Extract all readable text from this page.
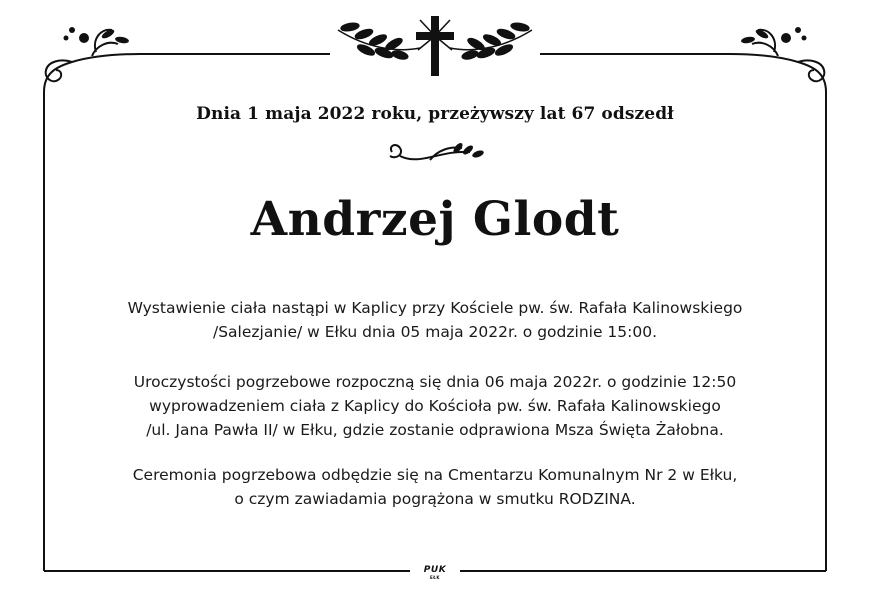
Dnia 1 maja 2022 roku, przeżywszy lat 67 odszedł
Andrzej Glodt
Wystawienie ciała nastąpi w Kaplicy przy Kościele pw. św. Rafała Kalinowskiego
/Salezjanie/ w Ełku dnia 05 maja 2022r. o godzinie 15:00.
Uroczystości pogrzebowe rozpoczną się dnia 06 maja 2022r. o godzinie 12:50
wyprowadzeniem ciała z Kaplicy do Kościoła pw. św. Rafała Kalinowskiego
/ul. Jana Pawła II/ w Ełku, gdzie zostanie odprawiona Msza Święta Żałobna.
Ceremonia pogrzebowa odbędzie się na Cmentarzu Komunalnym Nr 2 w Ełku,
o czym zawiadamia pogrążona w smutku RODZINA.
PUK
EŁK
